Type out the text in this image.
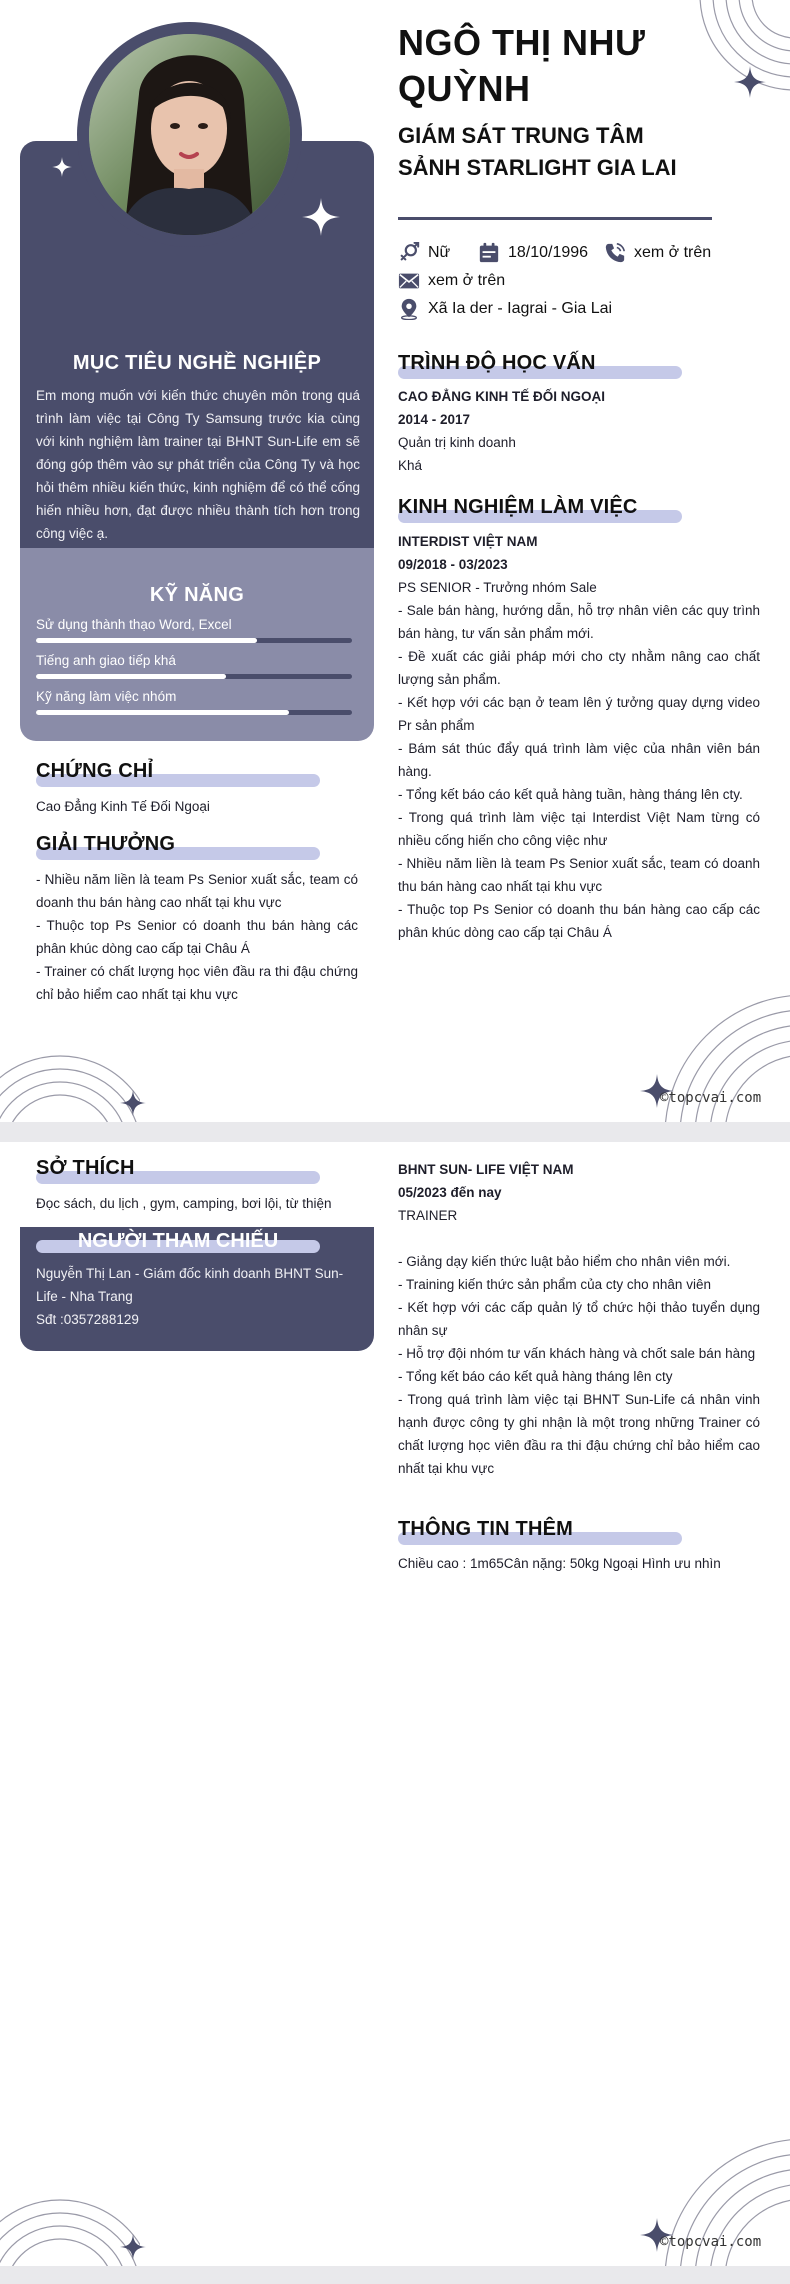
MỤC TIÊU NGHỀ NGHIỆP
Em mong muốn với kiến thức chuyên môn trong quá trình làm việc tại Công Ty Samsung trước kia cùng với kinh nghiệm làm trainer tại BHNT Sun-Life em sẽ đóng góp thêm vào sự phát triển của Công Ty và học hỏi thêm nhiều kiến thức, kinh nghiệm để có thể cống hiến nhiều hơn, đạt được nhiều thành tích hơn trong công việc ạ.
KỸ NĂNG
Sử dụng thành thạo Word, Excel
Tiếng anh giao tiếp khá
Kỹ năng làm việc nhóm
CHỨNG CHỈ
Cao Đẳng Kinh Tế Đối Ngoại
GIẢI THƯỞNG
- Nhiều năm liền là team Ps Senior xuất sắc, team có doanh thu bán hàng cao nhất tại khu vực
- Thuộc top Ps Senior có doanh thu bán hàng các phân khúc dòng cao cấp tại Châu Á
- Trainer có chất lượng học viên đầu ra thi đậu chứng chỉ bảo hiểm cao nhất tại khu vực
NGÔ THỊ NHƯ QUỲNH
GIÁM SÁT TRUNG TÂM SẢNH STARLIGHT GIA LAI
Nữ	18/10/1996	xem ở trên
xem ở trên
Xã Ia der - Iagrai - Gia Lai
TRÌNH ĐỘ HỌC VẤN
CAO ĐẲNG KINH TẾ ĐỐI NGOẠI
2014 - 2017
Quản trị kinh doanh
Khá
KINH NGHIỆM LÀM VIỆC
INTERDIST VIỆT NAM
09/2018 - 03/2023
PS SENIOR - Trưởng nhóm Sale
- Sale bán hàng, hướng dẫn, hỗ trợ nhân viên các quy trình bán hàng, tư vấn sản phẩm mới.
- Đề xuất các giải pháp mới cho cty nhằm nâng cao chất lượng sản phẩm.
- Kết hợp với các bạn ở team lên ý tưởng quay dựng video Pr sản phẩm
- Bám sát thúc đẩy quá trình làm việc của nhân viên bán hàng.
- Tổng kết báo cáo kết quả hàng tuần, hàng tháng lên cty.
- Trong quá trình làm việc tại Interdist Việt Nam từng có nhiều cống hiến cho công việc như
- Nhiều năm liền là team Ps Senior xuất sắc, team có doanh thu bán hàng cao nhất tại khu vực
- Thuộc top Ps Senior có doanh thu bán hàng cao cấp các phân khúc dòng cao cấp tại Châu Á
©topcvai.com
SỞ THÍCH
Đọc sách, du lịch , gym, camping, bơi lội, từ thiện
NGƯỜI THAM CHIẾU
Nguyễn Thị Lan - Giám đốc kinh doanh BHNT Sun-Life - Nha Trang
Sđt :0357288129
BHNT SUN- LIFE VIỆT NAM
05/2023 đến nay
TRAINER
- Giảng dạy kiến thức luật bảo hiểm cho nhân viên mới.
- Training kiến thức sản phẩm của cty cho nhân viên
- Kết hợp với các cấp quản lý tổ chức hội thảo tuyển dụng nhân sự
- Hỗ trợ đội nhóm tư vấn khách hàng và chốt sale bán hàng
- Tổng kết báo cáo kết quả hàng tháng lên cty
- Trong quá trình làm việc tại BHNT Sun-Life cá nhân vinh hạnh được công ty ghi nhận là một trong những Trainer có chất lượng học viên đầu ra thi đậu chứng chỉ bảo hiểm cao nhất tại khu vực
THÔNG TIN THÊM
Chiều cao : 1m65Cân nặng: 50kg Ngoại Hình ưu nhìn
©topcvai.com
